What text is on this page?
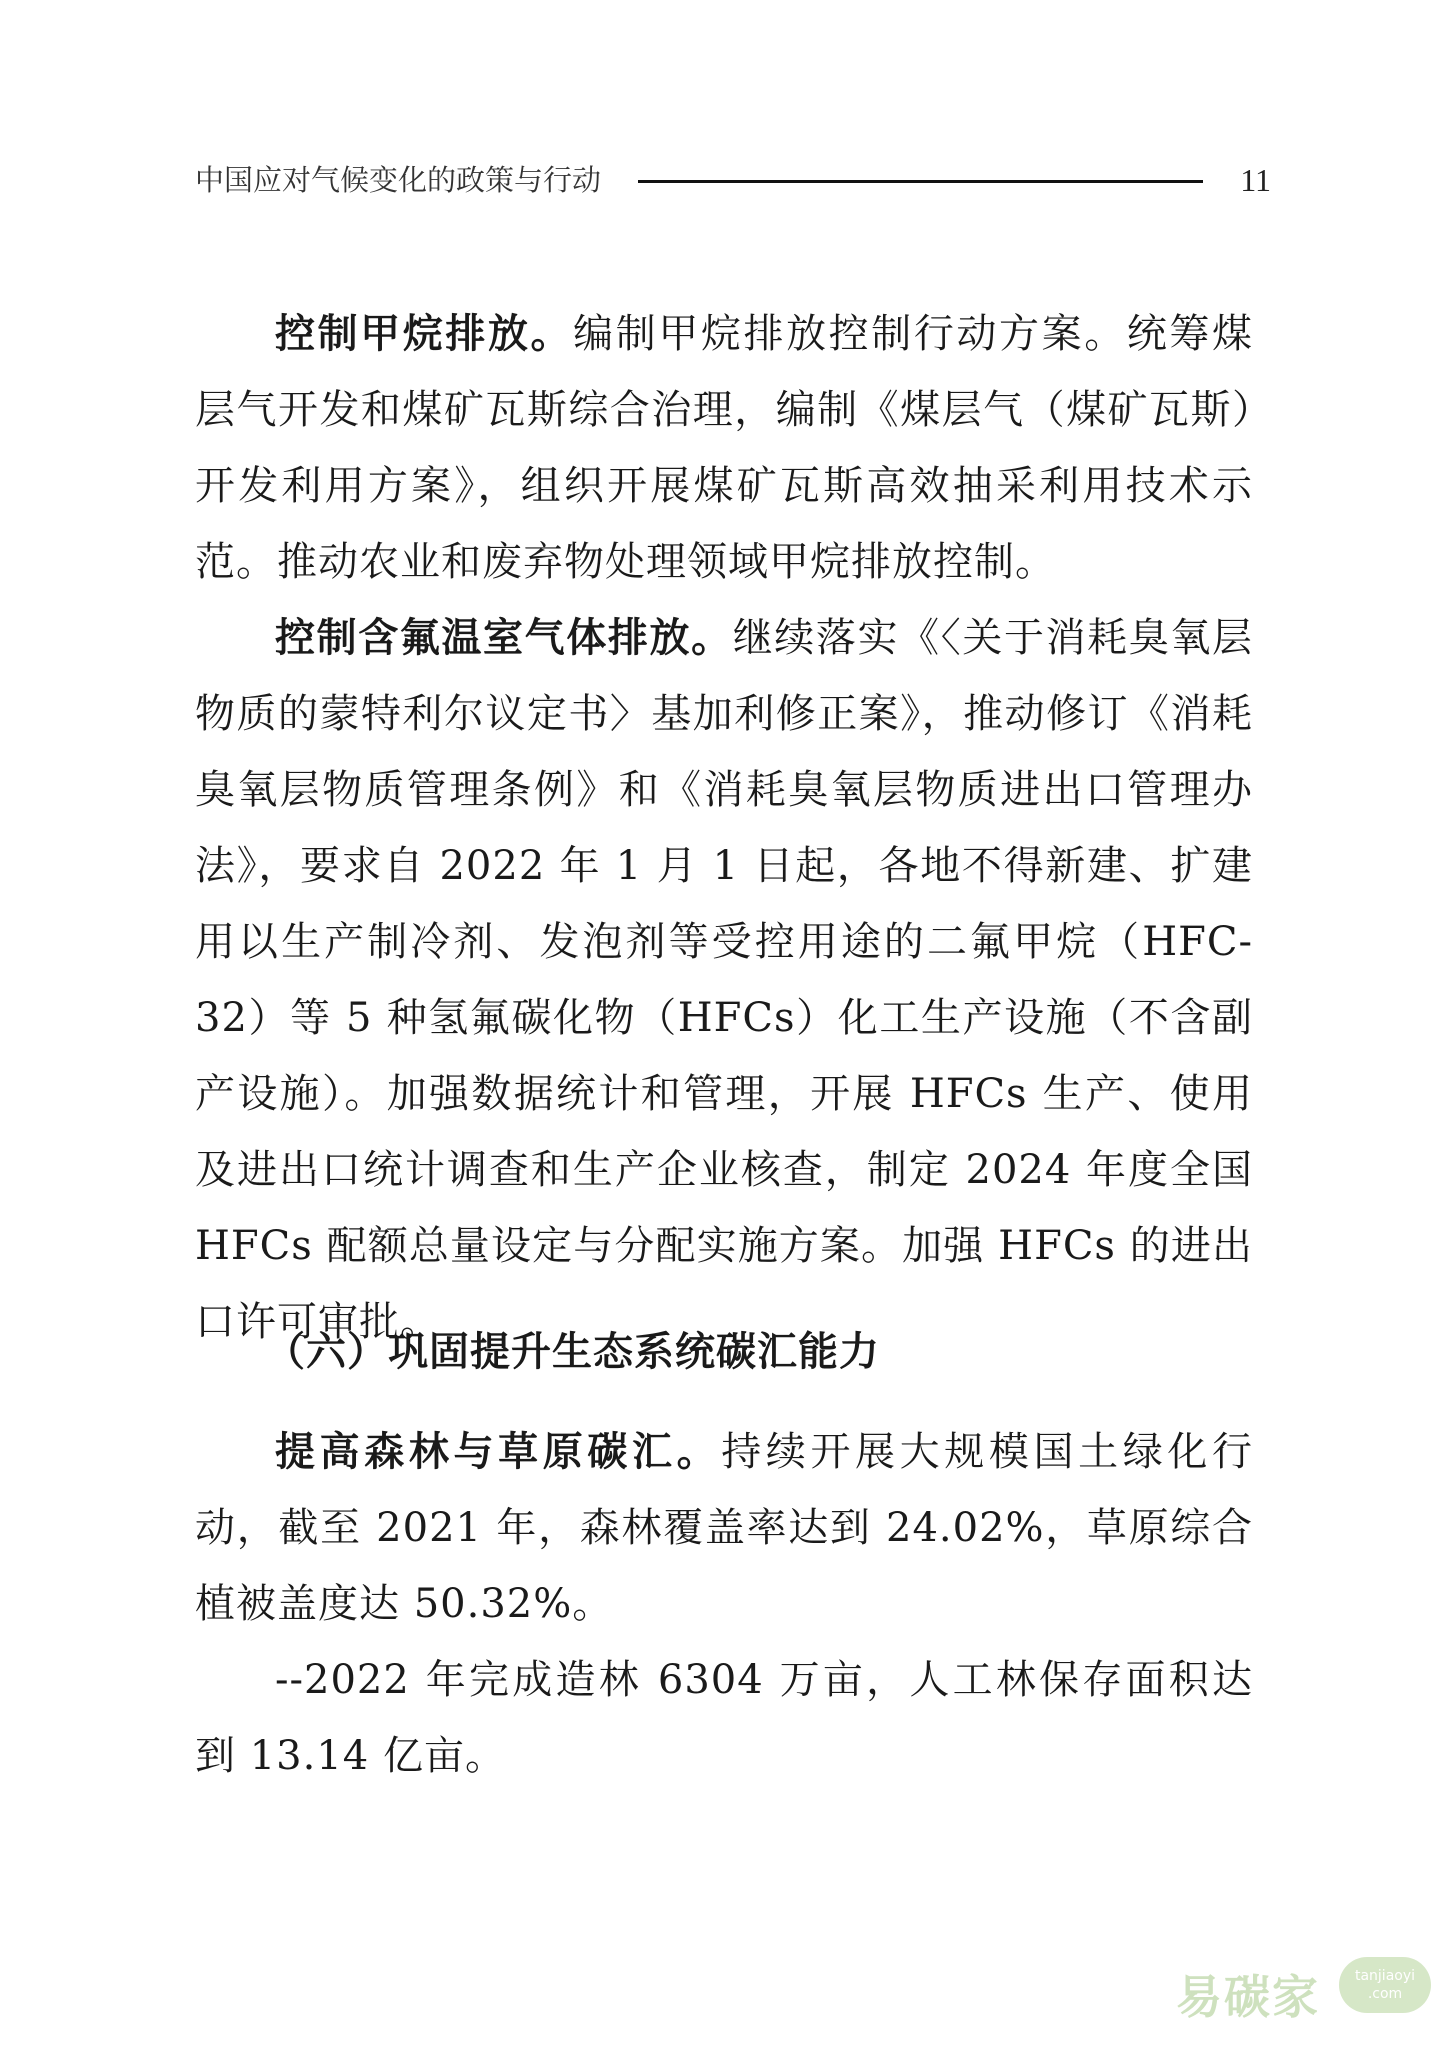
中国应对气候变化的政策与行动	11

控制甲烷排放。编制甲烷排放控制行动方案。统筹煤层气开发和煤矿瓦斯综合治理，编制《煤层气（煤矿瓦斯）开发利用方案》，组织开展煤矿瓦斯高效抽采利用技术示范。推动农业和废弃物处理领域甲烷排放控制。

控制含氟温室气体排放。继续落实《〈关于消耗臭氧层物质的蒙特利尔议定书〉基加利修正案》，推动修订《消耗臭氧层物质管理条例》和《消耗臭氧层物质进出口管理办法》，要求自 2022 年 1 月 1 日起，各地不得新建、扩建用以生产制冷剂、发泡剂等受控用途的二氟甲烷（HFC-32）等 5 种氢氟碳化物（HFCs）化工生产设施（不含副产设施）。加强数据统计和管理，开展 HFCs 生产、使用及进出口统计调查和生产企业核查，制定 2024 年度全国 HFCs 配额总量设定与分配实施方案。加强 HFCs 的进出口许可审批。

（六）巩固提升生态系统碳汇能力

提高森林与草原碳汇。持续开展大规模国土绿化行动，截至 2021 年，森林覆盖率达到 24.02%，草原综合植被盖度达 50.32%。

--2022 年完成造林 6304 万亩，人工林保存面积达到 13.14 亿亩。

易碳家	tanjiaoyi
.com
